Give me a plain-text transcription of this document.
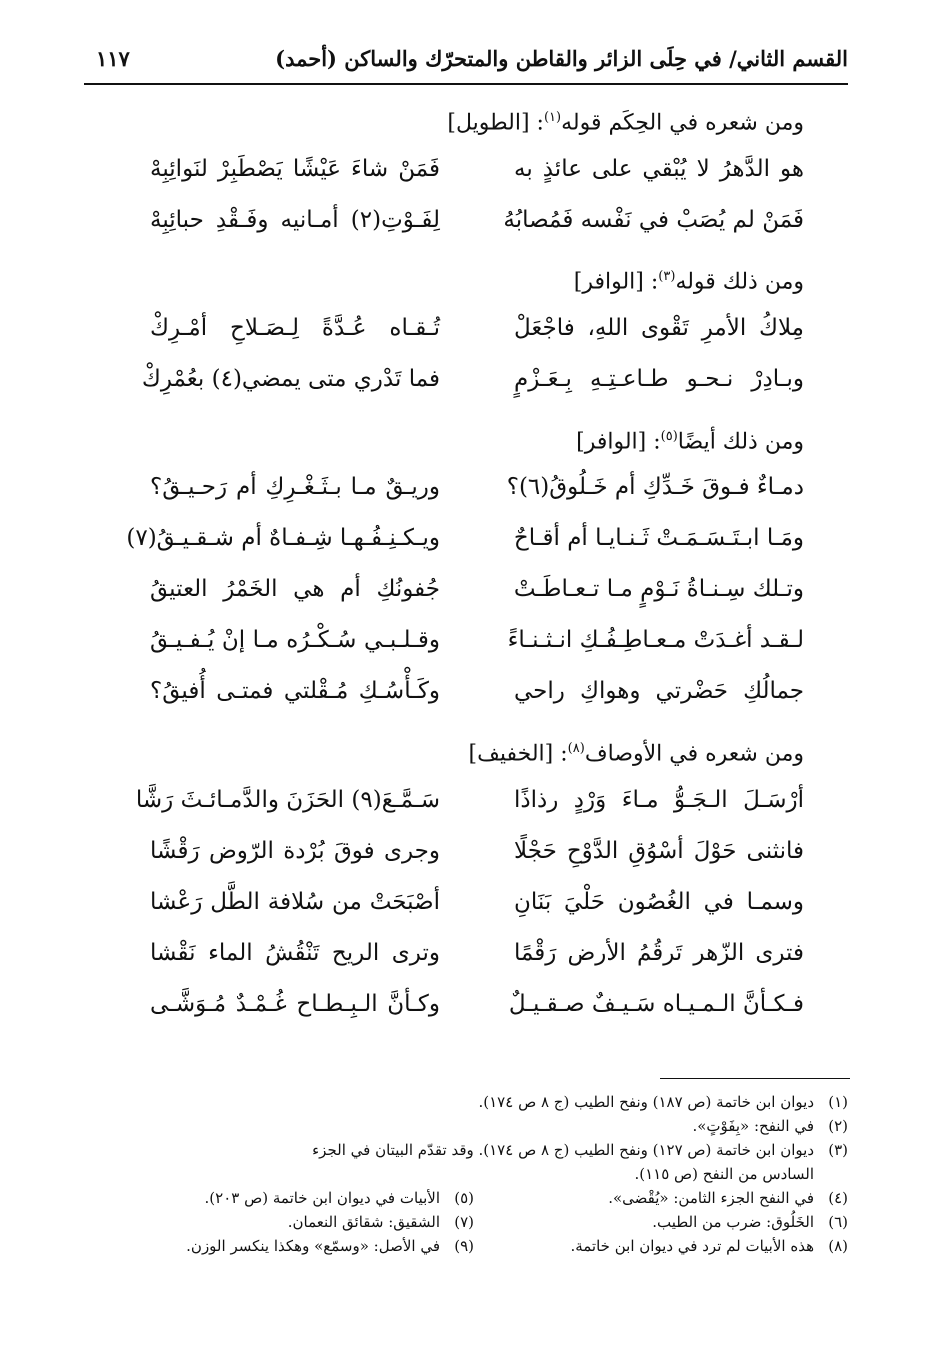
القسم الثاني/ في حِلَى الزائر والقاطن والمتحرّك والساكن (أحمد)
١١٧

ومن شعره في الحِكَم قوله$^{(١)}$: [الطويل]

هو الدَّهرُ لا يُبْقي على عائذٍ به
فَمَنْ شاءَ عَيْشًا يَصْطَبِرْ لنَوائِبِهْ
فَمَنْ لم يُصَبْ في نَفْسه فَمُصابُهُ
لِفَـوْتِ(٢) أمـانيه وفَـقْدِ حبائِبِهْ

ومن ذلك قوله$^{(٣)}$: [الوافر]

مِلاكُ الأمرِ تَقْوى اللهِ، فاجْعَلْ
تُـقـاه عُـدَّةً لِـصَـلاحِ أمْـرِكْ
وبـادِرْ نـحـو طـاعـتِـهِ بِـعَـزْمٍ
فما تَدْري متى يمضي(٤) بعُمْرِكْ

ومن ذلك أيضًا$^{(٥)}$: [الوافر]

دمـاءٌ فـوقَ خَـدِّكِ أم خَـلُوقُ(٦)؟
وريـقٌ مـا بـثَـغْـرِكِ أم رَحـيـقُ؟
ومَـا ابـتَـسَـمَـتْ ثَـنـايـا أم أقـاحٌ
ويـكـنِـفُـهـا شِـفـاهٌ أم شـقـيـقُ(٧)
وتـلك سِـنـاةُ نَـوْمٍ مـا تـعـاطَـتْ
جُفونُكِ أم هي الخَمْرُ العتيقُ
لـقـد أغـدَتْ مـعـاطِـفُـكِ انـثـنـاءً
وقـلـبـي سُـكْـرُه مـا إنْ يُـفـيـقُ
جمالُكِ حَضْرتي وهواكِ راحي
وكَـأْسُـكِ مُـقْلتي فمتـى أُفيقُ؟

ومن شعره في الأوصاف$^{(٨)}$: [الخفيف]

أرْسَـلَ الـجَـوُّ مـاءَ وَرْدٍ رذاذًا
سَـمَّـعَ(٩) الحَزَنَ والدَّمـائـثَ رَشَّا
فانثنى حَوْلَ أسْوُقِ الدَّوْحِ حَجْلًا
وجرى فوقَ بُرْدة الرّوض رَقْشًا
وسمـا في الغُصُون حَلْيَ بَنَانِ
أصْبَحَتْ من سُلافة الطَّل رَعْشا
فترى الزّهر تَرقُمُ الأرض رَقْمًا
وترى الريح تَنْقُشُ الماء نَقْشا
فـكـأنَّ الـمـيـاه سَـيـفٌ صـقـيـلٌ
وكـأنَّ الـبِـطـاح غُـمْـدٌ مُـوَشَّـى
(١)
ديوان ابن خاتمة (ص ١٨٧) ونفح الطيب (ج ٨ ص ١٧٤).
(٢)
في النفح: «بِفَوْتٍ».
(٣)
ديوان ابن خاتمة (ص ١٢٧) ونفح الطيب (ج ٨ ص ١٧٤). وقد تقدّم البيتان في الجزء
السادس من النفح (ص ١١٥).
(٤)
في النفح الجزء الثامن: «يُقْضى».
(٥)
الأبيات في ديوان ابن خاتمة (ص ٢٠٣).
(٦)
الخَلُوق: ضرب من الطيب.
(٧)
الشقيق: شقائق النعمان.
(٨)
هذه الأبيات لم ترد في ديوان ابن خاتمة.
(٩)
في الأصل: «وسمّع» وهكذا ينكسر الوزن.
